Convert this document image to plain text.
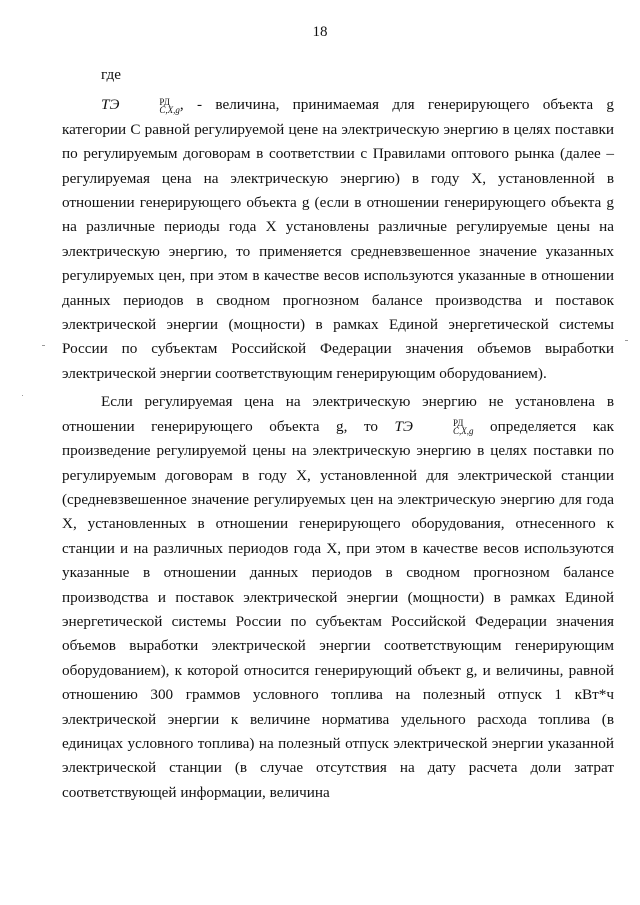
18

где

ТЭ	РД
С,X,g , - величина, принимаемая для генерирующего объекта g категории С равной регулируемой цене на электрическую энергию в целях поставки по регулируемым договорам в соответствии с Правилами оптового рынка (далее – регулируемая цена на электрическую энергию) в году X, установленной в отношении генерирующего объекта g (если в отношении генерирующего объекта g на различные периоды года X установлены различные регулируемые цены на электрическую энергию, то применяется средневзвешенное значение указанных регулируемых цен, при этом в качестве весов используются указанные в отношении данных периодов в сводном прогнозном балансе производства и поставок электрической энергии (мощности) в рамках Единой энергетической системы России по субъектам Российской Федерации значения объемов выработки электрической энергии соответствующим генерирующим оборудованием).

Если регулируемая цена на электрическую энергию не установлена в отношении генерирующего объекта g, то ТЭ	РД
С,X,g определяется как произведение регулируемой цены на электрическую энергию в целях поставки по регулируемым договорам в году X, установленной для электрической станции (средневзвешенное значение регулируемых цен на электрическую энергию для года X, установленных в отношении генерирующего оборудования, отнесенного к станции и на различных периодов года X, при этом в качестве весов используются указанные в отношении данных периодов в сводном прогнозном балансе производства и поставок электрической энергии (мощности) в рамках Единой энергетической системы России по субъектам Российской Федерации значения объемов выработки электрической энергии соответствующим генерирующим оборудованием), к которой относится генерирующий объект g, и величины, равной отношению 300 граммов условного топлива на полезный отпуск 1 кВт*ч электрической энергии к величине норматива удельного расхода топлива (в единицах условного топлива) на полезный отпуск электрической энергии указанной электрической станции (в случае отсутствия на дату расчета доли затрат соответствующей информации, величина
